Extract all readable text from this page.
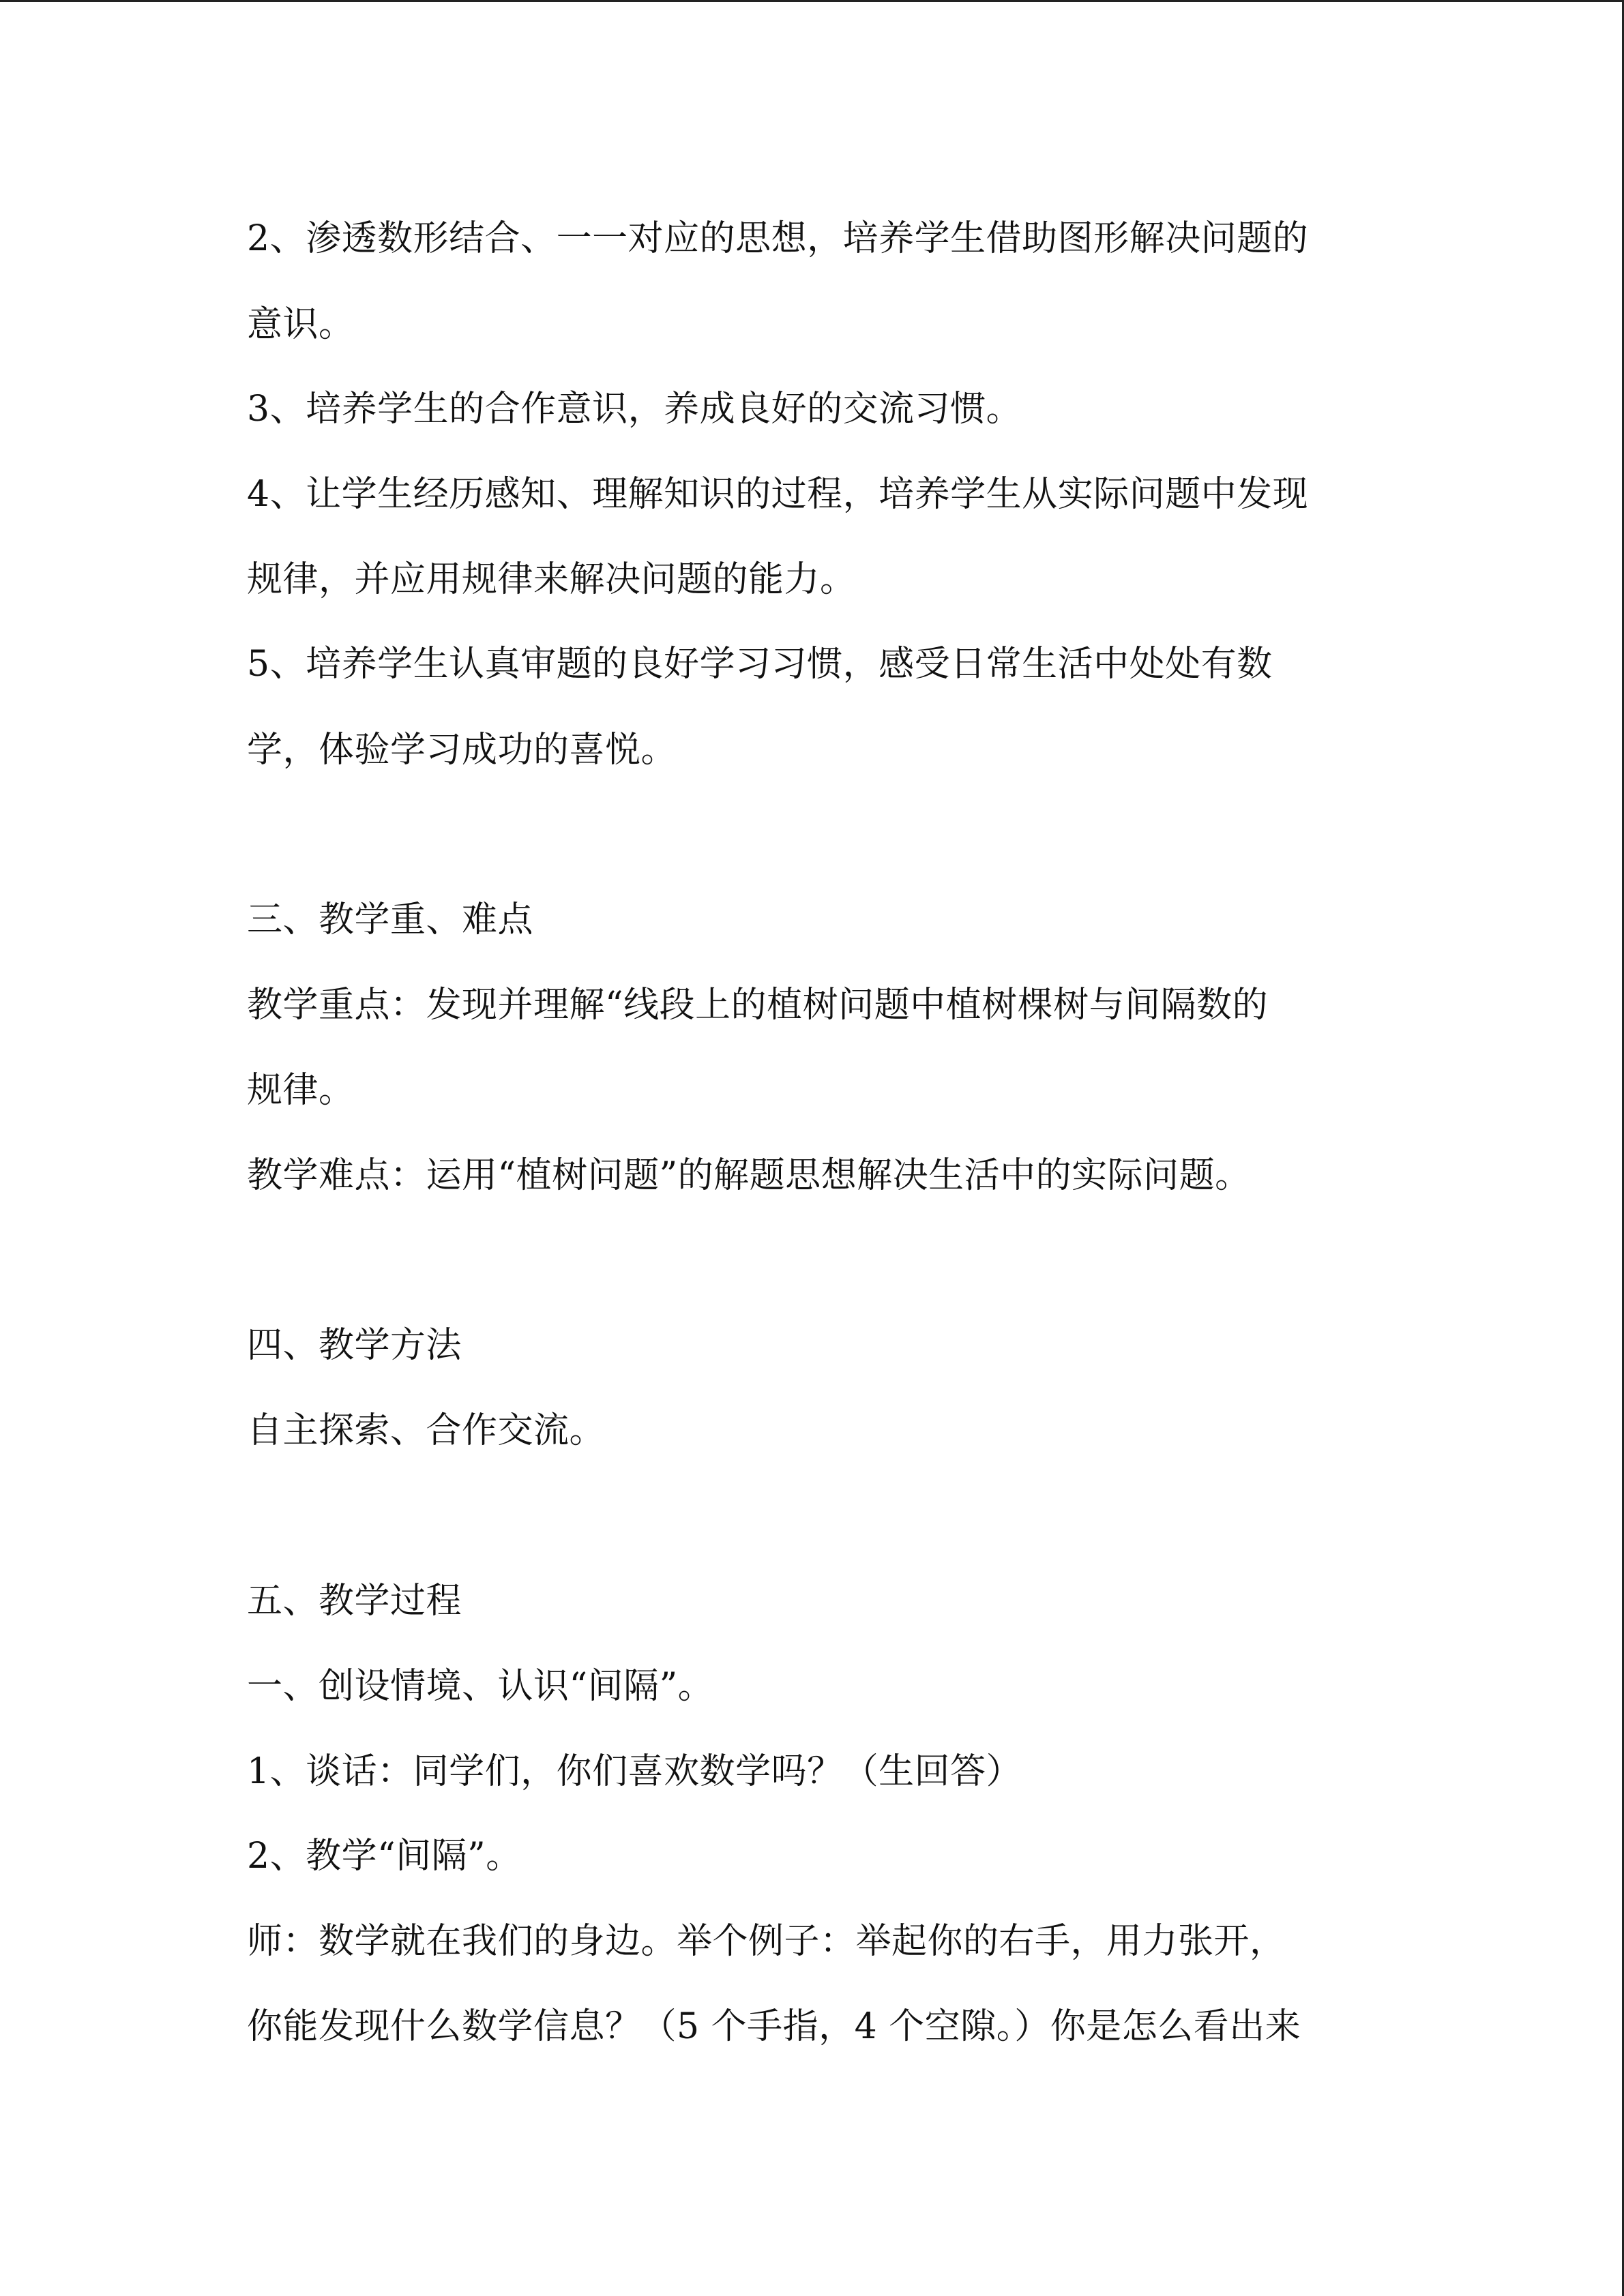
2、渗透数形结合、一一对应的思想，培养学生借助图形解决问题的
意识。
3、培养学生的合作意识，养成良好的交流习惯。
4、让学生经历感知、理解知识的过程，培养学生从实际问题中发现
规律，并应用规律来解决问题的能力。
5、培养学生认真审题的良好学习习惯，感受日常生活中处处有数
学，体验学习成功的喜悦。
三、教学重、难点
教学重点：发现并理解“线段上的植树问题中植树棵树与间隔数的
规律。
教学难点：运用“植树问题”的解题思想解决生活中的实际问题。
四、教学方法
自主探索、合作交流。
五、教学过程
一、创设情境、认识“间隔”。
1、谈话：同学们，你们喜欢数学吗？（生回答）
2、教学“间隔”。
师：数学就在我们的身边。举个例子：举起你的右手，用力张开，
你能发现什么数学信息？（5 个手指，4 个空隙。）你是怎么看出来
